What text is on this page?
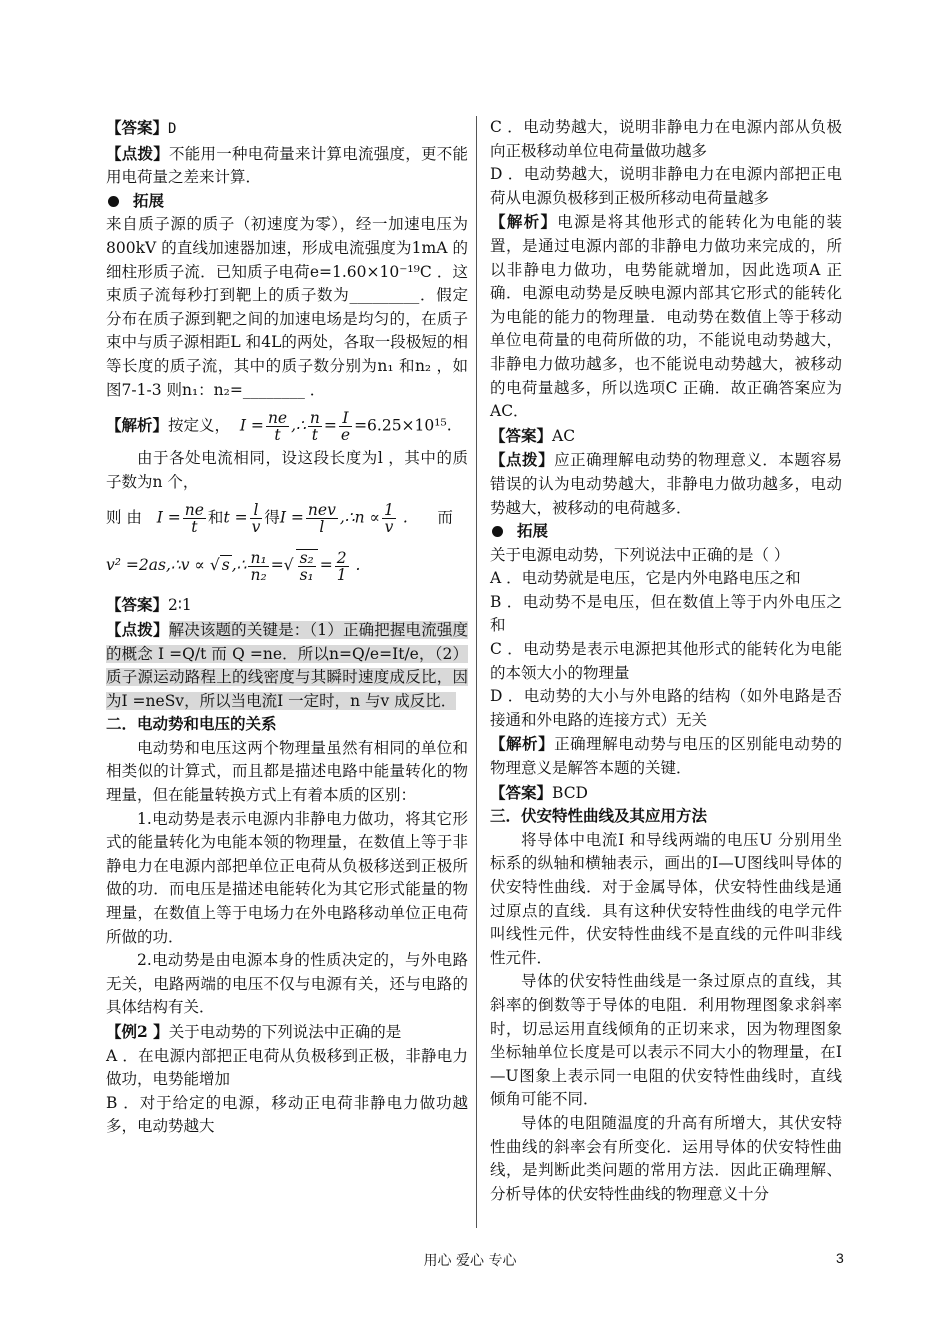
【答案】D

【点拨】不能用一种电荷量来计算电流强度，更不能用电荷量之差来计算．

拓展

来自质子源的质子（初速度为零），经一加速电压为800kV 的直线加速器加速，形成电流强度为1mA 的细柱形质子流．已知质子电荷e=1.60×10⁻¹⁹C ．这束质子流每秒打到靶上的质子数为_________．假定分布在质子源到靶之间的加速电场是均匀的，在质子束中与质子源相距L 和4L的两处，各取一段极短的相等长度的质子流，其中的质子数分别为n₁ 和n₂ ，如图7-1-3 则n₁：n₂=________ ．

【解析】按定义，  $I = \frac{ne}{t}$ ,∴ $\frac{n}{t} = \frac{I}{e} =6.25\times 10^{15}$.

由于各处电流相同，设这段长度为l ，其中的质子数为n 个，

则 由   $I = \frac{ne}{t}$ 和$t = \frac{l}{v}$ 得$I = \frac{\text{nev}}{l}$ ,∴n ∝ $\frac{1}{v}$ .      而

v² =2as,∴v ∝ √ s ,∴ $\frac{\text{n₁}}{\text{n₂}}$ =√ $\frac{\text{s₂}}{\text{s₁}} = \frac{2}{1}$ .

【答案】2∶1

【点拨】解决该题的关键是：（1）正确把握电流强度的概念 I =Q/t 而 Q =ne．所以n=Q/e=It/e，（2）质子源运动路程上的线密度与其瞬时速度成反比，因为I =neSv，所以当电流I 一定时，n 与v 成反比．

二．电动势和电压的关系

电动势和电压这两个物理量虽然有相同的单位和相类似的计算式，而且都是描述电路中能量转化的物理量，但在能量转换方式上有着本质的区别：

1.电动势是表示电源内非静电力做功，将其它形式的能量转化为电能本领的物理量，在数值上等于非静电力在电源内部把单位正电荷从负极移送到正极所做的功．而电压是描述电能转化为其它形式能量的物理量，在数值上等于电场力在外电路移动单位正电荷所做的功．

2.电动势是由电源本身的性质决定的，与外电路无关，电路两端的电压不仅与电源有关，还与电路的具体结构有关．

【例2 】关于电动势的下列说法中正确的是

A ．在电源内部把正电荷从负极移到正极，非静电力做功，电势能增加

B ．对于给定的电源，移动正电荷非静电力做功越多，电动势越大

C ．电动势越大，说明非静电力在电源内部从负极向正极移动单位电荷量做功越多

D ．电动势越大，说明非静电力在电源内部把正电荷从电源负极移到正极所移动电荷量越多

【解析】电源是将其他形式的能转化为电能的装置，是通过电源内部的非静电力做功来完成的，所以非静电力做功，电势能就增加，因此选项A 正确．电源电动势是反映电源内部其它形式的能转化为电能的能力的物理量．电动势在数值上等于移动单位电荷量的电荷所做的功，不能说电动势越大，非静电力做功越多，也不能说电动势越大，被移动的电荷量越多，所以选项C 正确．故正确答案应为AC．

【答案】AC

【点拨】应正确理解电动势的物理意义．本题容易错误的认为电动势越大，非静电力做功越多，电动势越大，被移动的电荷越多．

拓展

关于电源电动势，下列说法中正确的是（ ）

A ．电动势就是电压，它是内外电路电压之和

B ．电动势不是电压，但在数值上等于内外电压之和

C ．电动势是表示电源把其他形式的能转化为电能的本领大小的物理量

D ．电动势的大小与外电路的结构（如外电路是否接通和外电路的连接方式）无关

【解析】正确理解电动势与电压的区别能电动势的物理意义是解答本题的关键．

【答案】BCD

三．伏安特性曲线及其应用方法

将导体中电流I 和导线两端的电压U 分别用坐标系的纵轴和横轴表示，画出的I—U图线叫导体的伏安特性曲线．对于金属导体，伏安特性曲线是通过原点的直线．具有这种伏安特性曲线的电学元件叫线性元件，伏安特性曲线不是直线的元件叫非线性元件．

导体的伏安特性曲线是一条过原点的直线，其斜率的倒数等于导体的电阻．利用物理图象求斜率时，切忌运用直线倾角的正切来求，因为物理图象坐标轴单位长度是可以表示不同大小的物理量，在I—U图象上表示同一电阻的伏安特性曲线时，直线倾角可能不同．

导体的电阻随温度的升高有所增大，其伏安特性曲线的斜率会有所变化．运用导体的伏安特性曲线，是判断此类问题的常用方法．因此正确理解、分析导体的伏安特性曲线的物理意义十分

用心 爱心 专心	3
